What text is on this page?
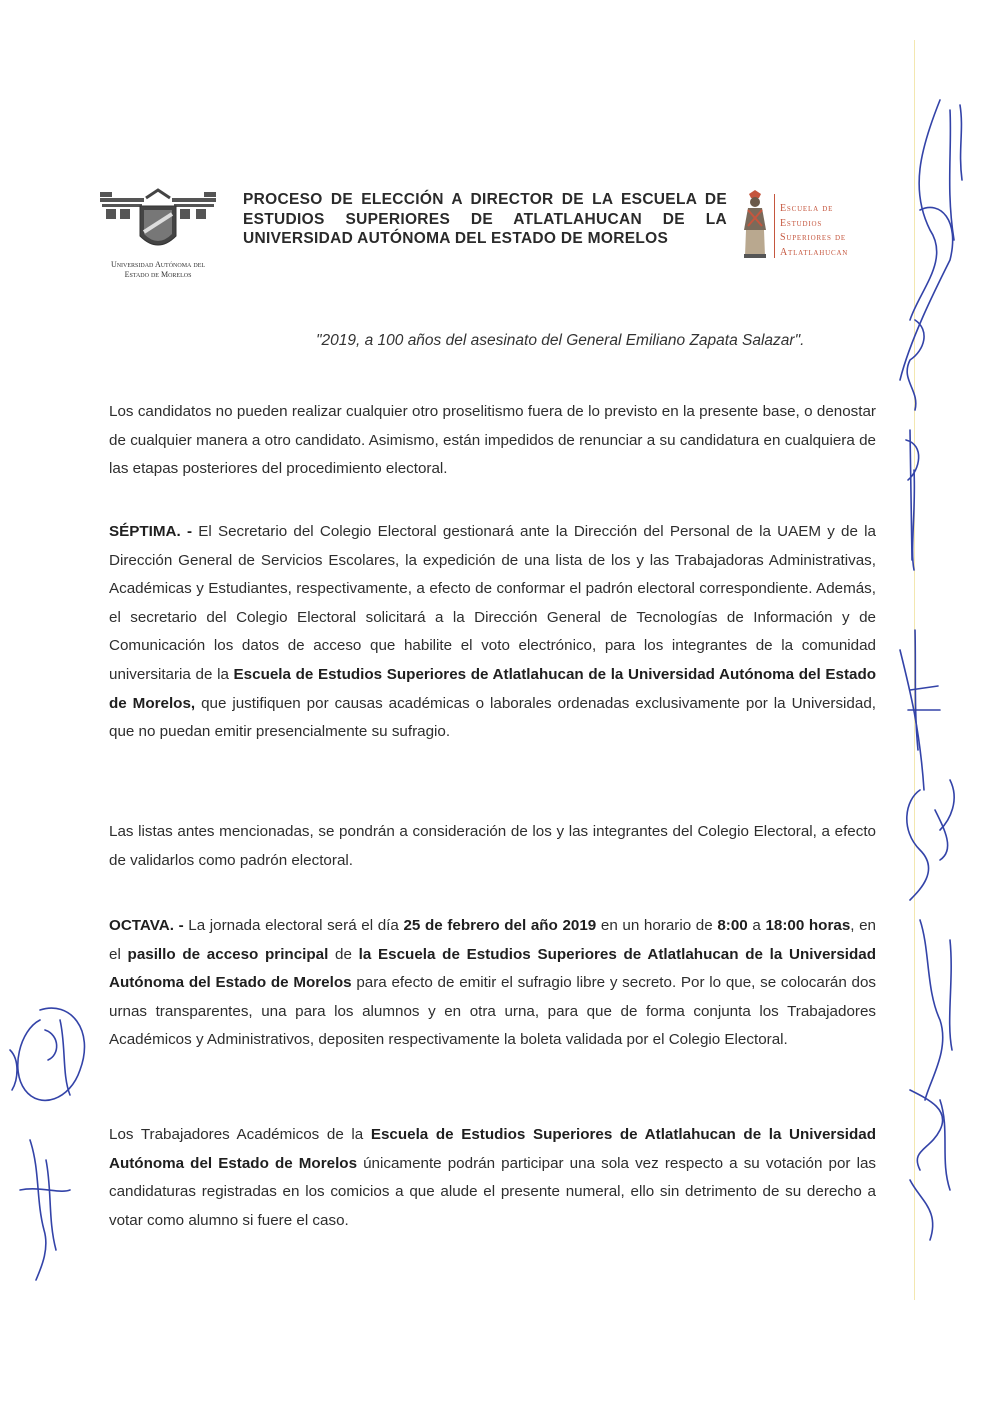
Universidad Autónoma del
Estado de Morelos
PROCESO DE ELECCIÓN A DIRECTOR DE LA ESCUELA DE ESTUDIOS SUPERIORES DE ATLATLAHUCAN DE LA UNIVERSIDAD AUTÓNOMA DEL ESTADO DE MORELOS
Escuela de
Estudios
Superiores de
Atlatlahucan
"2019, a 100 años del asesinato del General Emiliano Zapata Salazar".
Los candidatos no pueden realizar cualquier otro proselitismo fuera de lo previsto en la presente base, o denostar de cualquier manera a otro candidato. Asimismo, están impedidos de renunciar a su candidatura en cualquiera de las etapas posteriores del procedimiento electoral.
SÉPTIMA. - El Secretario del Colegio Electoral gestionará ante la Dirección del Personal de la UAEM y de la Dirección General de Servicios Escolares, la expedición de una lista de los y las Trabajadoras Administrativas, Académicas y Estudiantes, respectivamente, a efecto de conformar el padrón electoral correspondiente. Además, el secretario del Colegio Electoral solicitará a la Dirección General de Tecnologías de Información y de Comunicación los datos de acceso que habilite el voto electrónico, para los integrantes de la comunidad universitaria de la Escuela de Estudios Superiores de Atlatlahucan de la Universidad Autónoma del Estado de Morelos, que justifiquen por causas académicas o laborales ordenadas exclusivamente por la Universidad, que no puedan emitir presencialmente su sufragio.
Las listas antes mencionadas, se pondrán a consideración de los y las integrantes del Colegio Electoral, a efecto de validarlos como padrón electoral.
OCTAVA. - La jornada electoral será el día 25 de febrero del año 2019 en un horario de 8:00 a 18:00 horas, en el pasillo de acceso principal de la Escuela de Estudios Superiores de Atlatlahucan de la Universidad Autónoma del Estado de Morelos para efecto de emitir el sufragio libre y secreto. Por lo que, se colocarán dos urnas transparentes, una para los alumnos y en otra urna, para que de forma conjunta los Trabajadores Académicos y Administrativos, depositen respectivamente la boleta validada por el Colegio Electoral.
Los Trabajadores Académicos de la Escuela de Estudios Superiores de Atlatlahucan de la Universidad Autónoma del Estado de Morelos únicamente podrán participar una sola vez respecto a su votación por las candidaturas registradas en los comicios a que alude el presente numeral, ello sin detrimento de su derecho a votar como alumno si fuere el caso.
